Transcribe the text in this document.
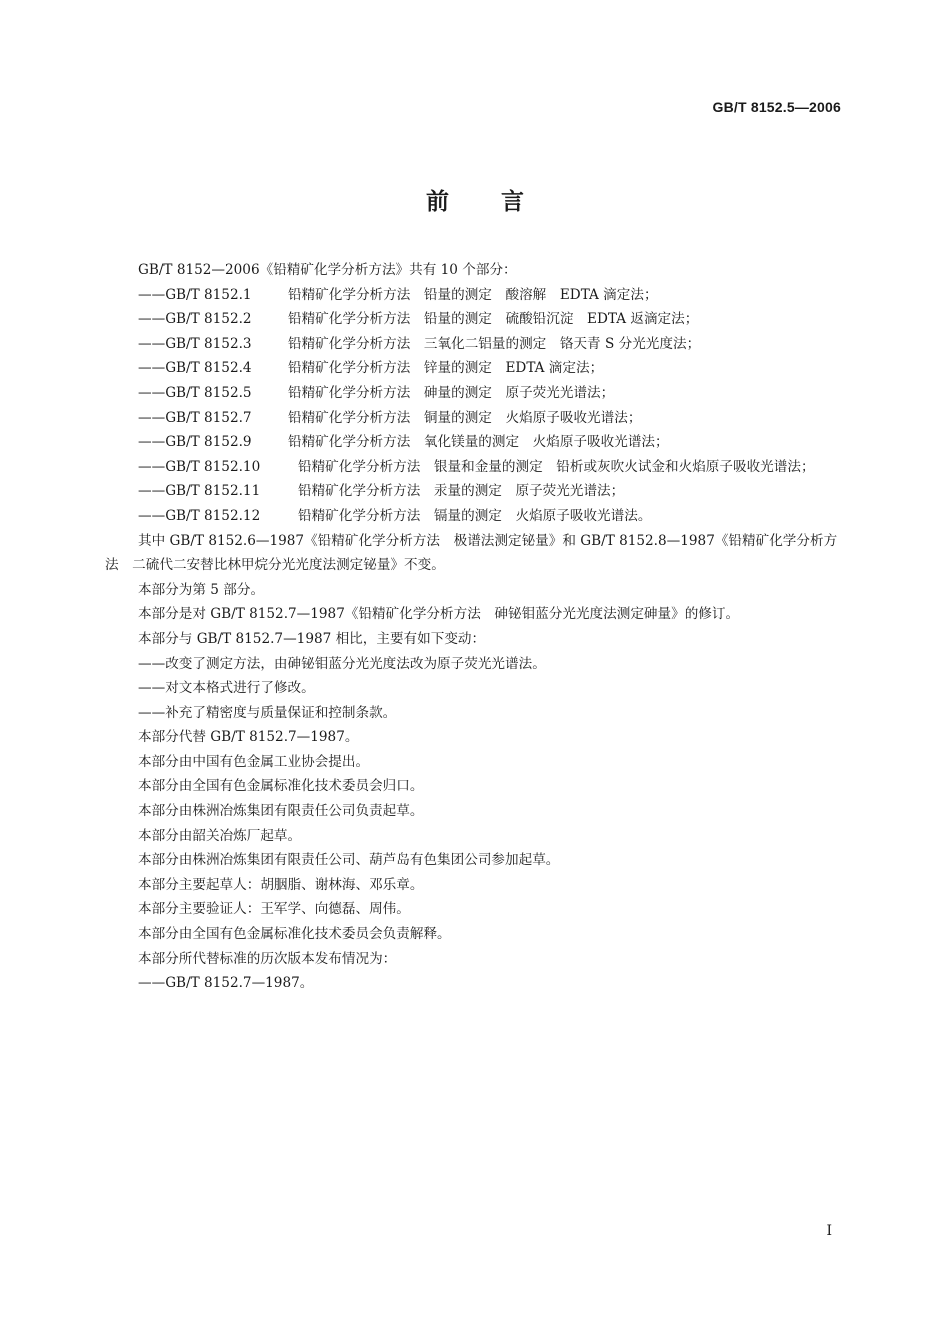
GB/T 8152.5—2006
前 言

GB/T 8152—2006《铅精矿化学分析方法》共有 10 个部分：

——GB/T 8152.1	铅精矿化学分析方法　铅量的测定　酸溶解　EDTA 滴定法；
——GB/T 8152.2	铅精矿化学分析方法　铅量的测定　硫酸铅沉淀　EDTA 返滴定法；
——GB/T 8152.3	铅精矿化学分析方法　三氧化二铝量的测定　铬天青 S 分光光度法；
——GB/T 8152.4	铅精矿化学分析方法　锌量的测定　EDTA 滴定法；
——GB/T 8152.5	铅精矿化学分析方法　砷量的测定　原子荧光光谱法；
——GB/T 8152.7	铅精矿化学分析方法　铜量的测定　火焰原子吸收光谱法；
——GB/T 8152.9	铅精矿化学分析方法　氧化镁量的测定　火焰原子吸收光谱法；
——GB/T 8152.10	铅精矿化学分析方法　银量和金量的测定　铅析或灰吹火试金和火焰原子吸收光谱法；
——GB/T 8152.11	铅精矿化学分析方法　汞量的测定　原子荧光光谱法；
——GB/T 8152.12	铅精矿化学分析方法　镉量的测定　火焰原子吸收光谱法。

其中 GB/T 8152.6—1987《铅精矿化学分析方法　极谱法测定铋量》和 GB/T 8152.8—1987《铅精矿化学分析方法　二硫代二安替比林甲烷分光光度法测定铋量》不变。

本部分为第 5 部分。

本部分是对 GB/T 8152.7—1987《铅精矿化学分析方法　砷铋钼蓝分光光度法测定砷量》的修订。

本部分与 GB/T 8152.7—1987 相比，主要有如下变动：

——改变了测定方法，由砷铋钼蓝分光光度法改为原子荧光光谱法。

——对文本格式进行了修改。

——补充了精密度与质量保证和控制条款。

本部分代替 GB/T 8152.7—1987。

本部分由中国有色金属工业协会提出。

本部分由全国有色金属标准化技术委员会归口。

本部分由株洲冶炼集团有限责任公司负责起草。

本部分由韶关冶炼厂起草。

本部分由株洲冶炼集团有限责任公司、葫芦岛有色集团公司参加起草。

本部分主要起草人：胡胭脂、谢林海、邓乐章。

本部分主要验证人：王军学、向德磊、周伟。

本部分由全国有色金属标准化技术委员会负责解释。

本部分所代替标准的历次版本发布情况为：

——GB/T 8152.7—1987。

I
